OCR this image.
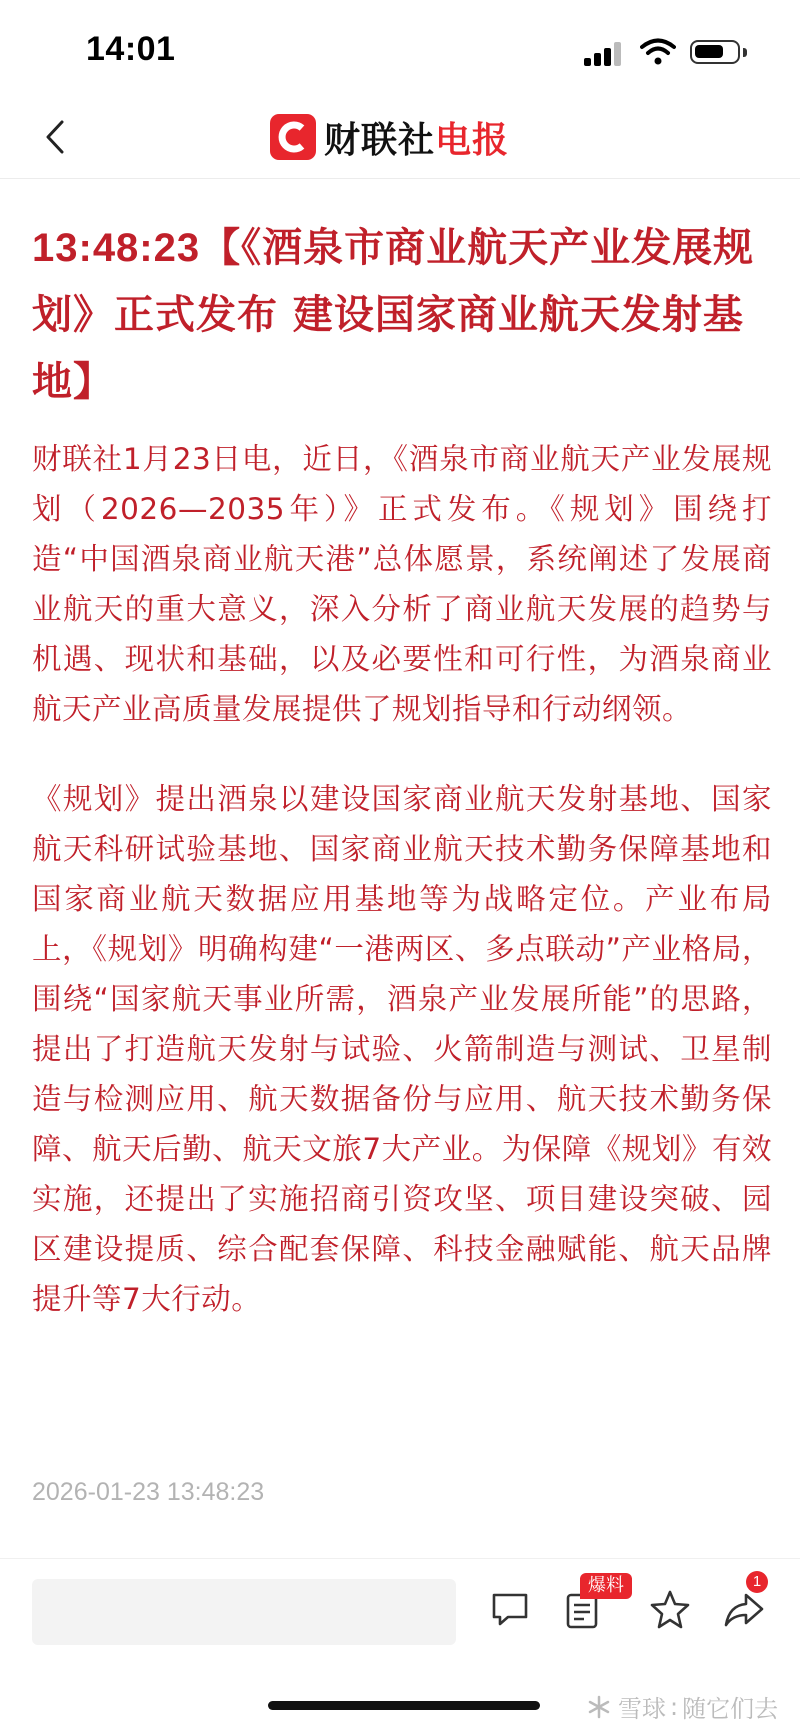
14:01
财联社 电报
13:48:23【《酒泉市商业航天产业发展规划》正式发布 建设国家商业航天发射基地】

财联社1月23日电，近日，《酒泉市商业航天产业发展规划（2026—2035年）》正式发布。《规划》围绕打造“中国酒泉商业航天港”总体愿景，系统阐述了发展商业航天的重大意义，深入分析了商业航天发展的趋势与机遇、现状和基础，以及必要性和可行性，为酒泉商业航天产业高质量发展提供了规划指导和行动纲领。

《规划》提出酒泉以建设国家商业航天发射基地、国家航天科研试验基地、国家商业航天技术勤务保障基地和国家商业航天数据应用基地等为战略定位。产业布局上，《规划》明确构建“一港两区、多点联动”产业格局，围绕“国家航天事业所需，酒泉产业发展所能”的思路，提出了打造航天发射与试验、火箭制造与测试、卫星制造与检测应用、航天数据备份与应用、航天技术勤务保障、航天后勤、航天文旅7大产业。为保障《规划》有效实施，还提出了实施招商引资攻坚、项目建设突破、园区建设提质、综合配套保障、科技金融赋能、航天品牌提升等7大行动。

2026-01-23 13:48:23
爆料	1
雪球 : 随它们去
